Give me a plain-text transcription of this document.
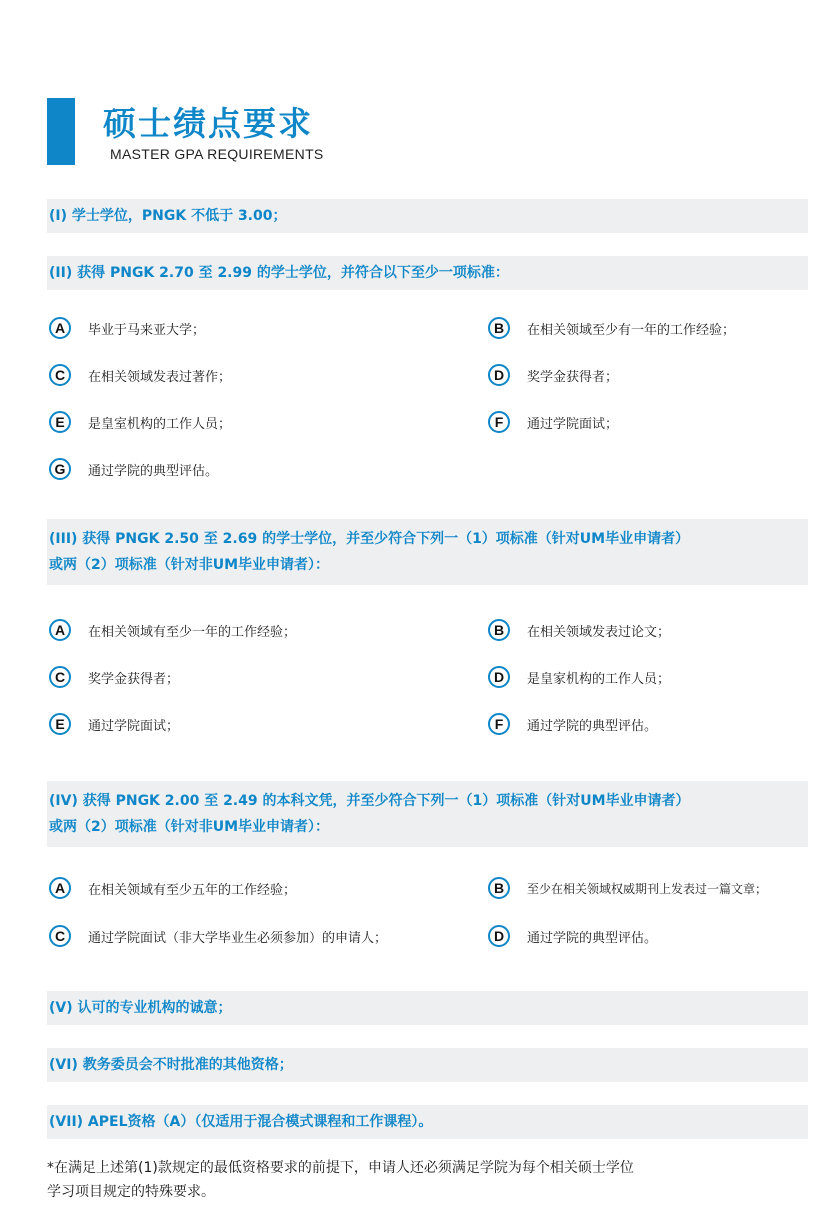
硕士绩点要求
MASTER GPA REQUIREMENTS
(I) 学士学位，PNGK 不低于 3.00；
(II) 获得 PNGK 2.70 至 2.99 的学士学位，并符合以下至少一项标准：
A	毕业于马来亚大学；	B	在相关领域至少有一年的工作经验；
C	在相关领域发表过著作；	D	奖学金获得者；
E	是皇室机构的工作人员；	F	通过学院面试；
G	通过学院的典型评估。
(III) 获得 PNGK 2.50 至 2.69 的学士学位，并至少符合下列一（1）项标准（针对UM毕业申请者）
或两（2）项标准（针对非UM毕业申请者）：
A	在相关领域有至少一年的工作经验；	B	在相关领域发表过论文；
C	奖学金获得者；	D	是皇家机构的工作人员；
E	通过学院面试；	F	通过学院的典型评估。
(IV) 获得 PNGK 2.00 至 2.49 的本科文凭，并至少符合下列一（1）项标准（针对UM毕业申请者）
或两（2）项标准（针对非UM毕业申请者）：
A	在相关领域有至少五年的工作经验；	B	至少在相关领域权威期刊上发表过一篇文章；
C	通过学院面试（非大学毕业生必须参加）的申请人；	D	通过学院的典型评估。
(V) 认可的专业机构的诚意；
(VI) 教务委员会不时批准的其他资格；
(VII) APEL资格（A）（仅适用于混合模式课程和工作课程）。
*在满足上述第(1)款规定的最低资格要求的前提下，申请人还必须满足学院为每个相关硕士学位
学习项目规定的特殊要求。
